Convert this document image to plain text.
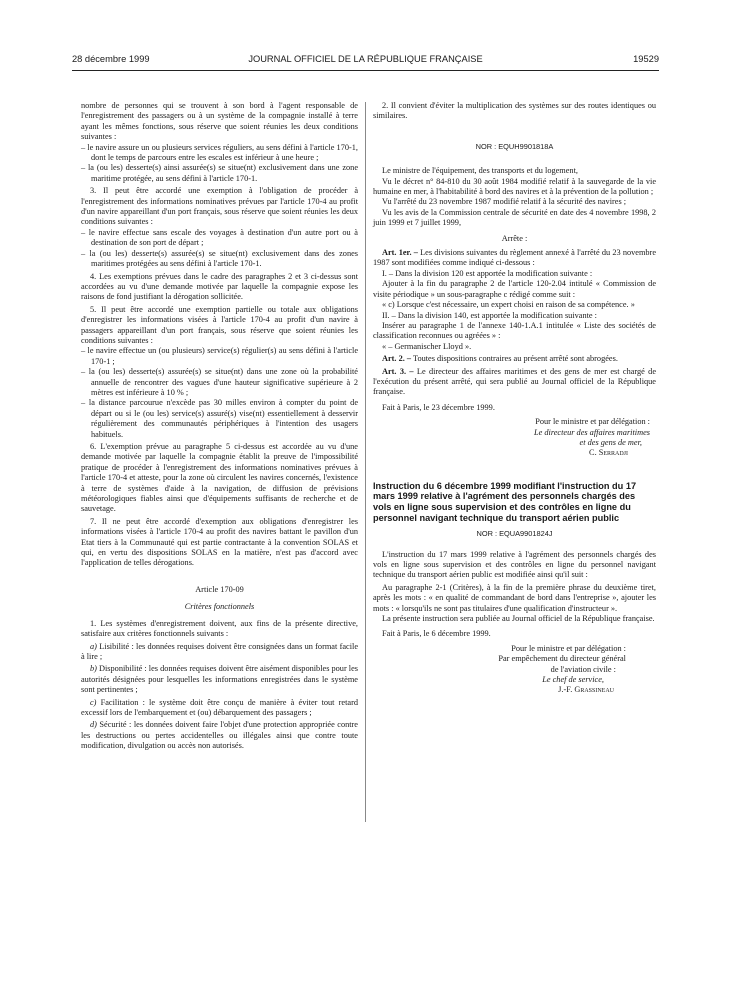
28 décembre 1999	JOURNAL OFFICIEL DE LA RÉPUBLIQUE FRANÇAISE	19529

nombre de personnes qui se trouvent à son bord à l'agent responsable de l'enregistrement des passagers ou à un système de la compagnie installé à terre ayant les mêmes fonctions, sous réserve que soient réunies les deux conditions suivantes :

– le navire assure un ou plusieurs services réguliers, au sens défini à l'article 170-1, dont le temps de parcours entre les escales est inférieur à une heure ;

– la (ou les) desserte(s) ainsi assurée(s) se situe(nt) exclusivement dans une zone maritime protégée, au sens défini à l'article 170-1.

3. Il peut être accordé une exemption à l'obligation de procéder à l'enregistrement des informations nominatives prévues par l'article 170-4 au profit d'un navire appareillant d'un port français, sous réserve que soient réunies les deux conditions suivantes :

– le navire effectue sans escale des voyages à destination d'un autre port ou à destination de son port de départ ;

– la (ou les) desserte(s) assurée(s) se situe(nt) exclusivement dans des zones maritimes protégées au sens défini à l'article 170-1.

4. Les exemptions prévues dans le cadre des paragraphes 2 et 3 ci-dessus sont accordées au vu d'une demande motivée par laquelle la compagnie expose les raisons de fond justifiant la dérogation sollicitée.

5. Il peut être accordé une exemption partielle ou totale aux obligations d'enregistrer les informations visées à l'article 170-4 au profit d'un navire à passagers appareillant d'un port français, sous réserve que soient réunies les conditions suivantes :

– le navire effectue un (ou plusieurs) service(s) régulier(s) au sens défini à l'article 170-1 ;

– la (ou les) desserte(s) assurée(s) se situe(nt) dans une zone où la probabilité annuelle de rencontrer des vagues d'une hauteur significative supérieure à 2 mètres est inférieure à 10 % ;

– la distance parcourue n'excède pas 30 milles environ à compter du point de départ ou si le (ou les) service(s) assuré(s) vise(nt) essentiellement à desservir régulièrement des communautés périphériques à l'intention des usagers habituels.

6. L'exemption prévue au paragraphe 5 ci-dessus est accordée au vu d'une demande motivée par laquelle la compagnie établit la preuve de l'impossibilité pratique de procéder à l'enregistrement des informations nominatives prévues à l'article 170-4 et atteste, pour la zone où circulent les navires concernés, l'existence à terre de systèmes d'aide à la navigation, de diffusion de prévisions météorologiques fiables ainsi que d'équipements suffisants de recherche et de sauvetage.

7. Il ne peut être accordé d'exemption aux obligations d'enregistrer les informations visées à l'article 170-4 au profit des navires battant le pavillon d'un Etat tiers à la Communauté qui est partie contractante à la convention SOLAS et qui, en vertu des dispositions SOLAS en la matière, n'est pas d'accord avec l'application de telles dérogations.

Article 170-09

Critères fonctionnels

1. Les systèmes d'enregistrement doivent, aux fins de la présente directive, satisfaire aux critères fonctionnels suivants :

a) Lisibilité : les données requises doivent être consignées dans un format facile à lire ;

b) Disponibilité : les données requises doivent être aisément disponibles pour les autorités désignées pour lesquelles les informations enregistrées dans le système sont pertinentes ;

c) Facilitation : le système doit être conçu de manière à éviter tout retard excessif lors de l'embarquement et (ou) débarquement des passagers ;

d) Sécurité : les données doivent faire l'objet d'une protection appropriée contre les destructions ou pertes accidentelles ou illégales ainsi que contre toute modification, divulgation ou accès non autorisés.

2. Il convient d'éviter la multiplication des systèmes sur des routes identiques ou similaires.

NOR : EQUH9901818A

Le ministre de l'équipement, des transports et du logement,

Vu le décret n° 84-810 du 30 août 1984 modifié relatif à la sauvegarde de la vie humaine en mer, à l'habitabilité à bord des navires et à la prévention de la pollution ;

Vu l'arrêté du 23 novembre 1987 modifié relatif à la sécurité des navires ;

Vu les avis de la Commission centrale de sécurité en date des 4 novembre 1998, 2 juin 1999 et 7 juillet 1999,

Arrête :

Art. 1er. – Les divisions suivantes du règlement annexé à l'arrêté du 23 novembre 1987 sont modifiées comme indiqué ci-dessous :

I. – Dans la division 120 est apportée la modification suivante :

Ajouter à la fin du paragraphe 2 de l'article 120-2.04 intitulé « Commission de visite périodique » un sous-paragraphe c rédigé comme suit :

« c) Lorsque c'est nécessaire, un expert choisi en raison de sa compétence. »

II. – Dans la division 140, est apportée la modification suivante :

Insérer au paragraphe 1 de l'annexe 140-1.A.1 intitulée « Liste des sociétés de classification reconnues ou agréées » :

« – Germanischer Lloyd ».

Art. 2. – Toutes dispositions contraires au présent arrêté sont abrogées.

Art. 3. – Le directeur des affaires maritimes et des gens de mer est chargé de l'exécution du présent arrêté, qui sera publié au Journal officiel de la République française.

Fait à Paris, le 23 décembre 1999.

Pour le ministre et par délégation :

Le directeur des affaires maritimes

et des gens de mer,

C. Serradji

Instruction du 6 décembre 1999 modifiant l'instruction du 17 mars 1999 relative à l'agrément des personnels chargés des vols en ligne sous supervision et des contrôles en ligne du personnel navigant technique du transport aérien public

NOR : EQUA9901824J

L'instruction du 17 mars 1999 relative à l'agrément des personnels chargés des vols en ligne sous supervision et des contrôles en ligne du personnel navigant technique du transport aérien public est modifiée ainsi qu'il suit :

Au paragraphe 2-1 (Critères), à la fin de la première phrase du deuxième tiret, après les mots : « en qualité de commandant de bord dans l'entreprise », ajouter les mots : « lorsqu'ils ne sont pas titulaires d'une qualification d'instructeur ».

La présente instruction sera publiée au Journal officiel de la République française.

Fait à Paris, le 6 décembre 1999.

Pour le ministre et par délégation :

Par empêchement du directeur général

de l'aviation civile :

Le chef de service,

J.-F. Grassineau
